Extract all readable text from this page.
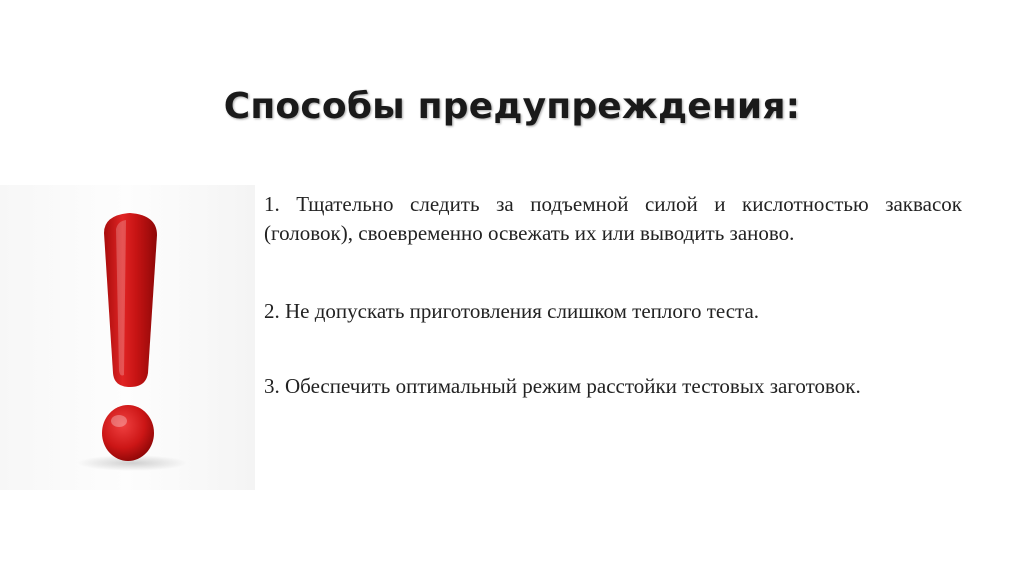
Способы предупреждения:

1. Тщательно следить за подъемной силой и кислотностью заквасок (головок), своевременно освежать их или выводить заново.

2. Не допускать приготовления слишком теплого теста.

3. Обеспечить оптимальный режим расстойки тестовых заготовок.
